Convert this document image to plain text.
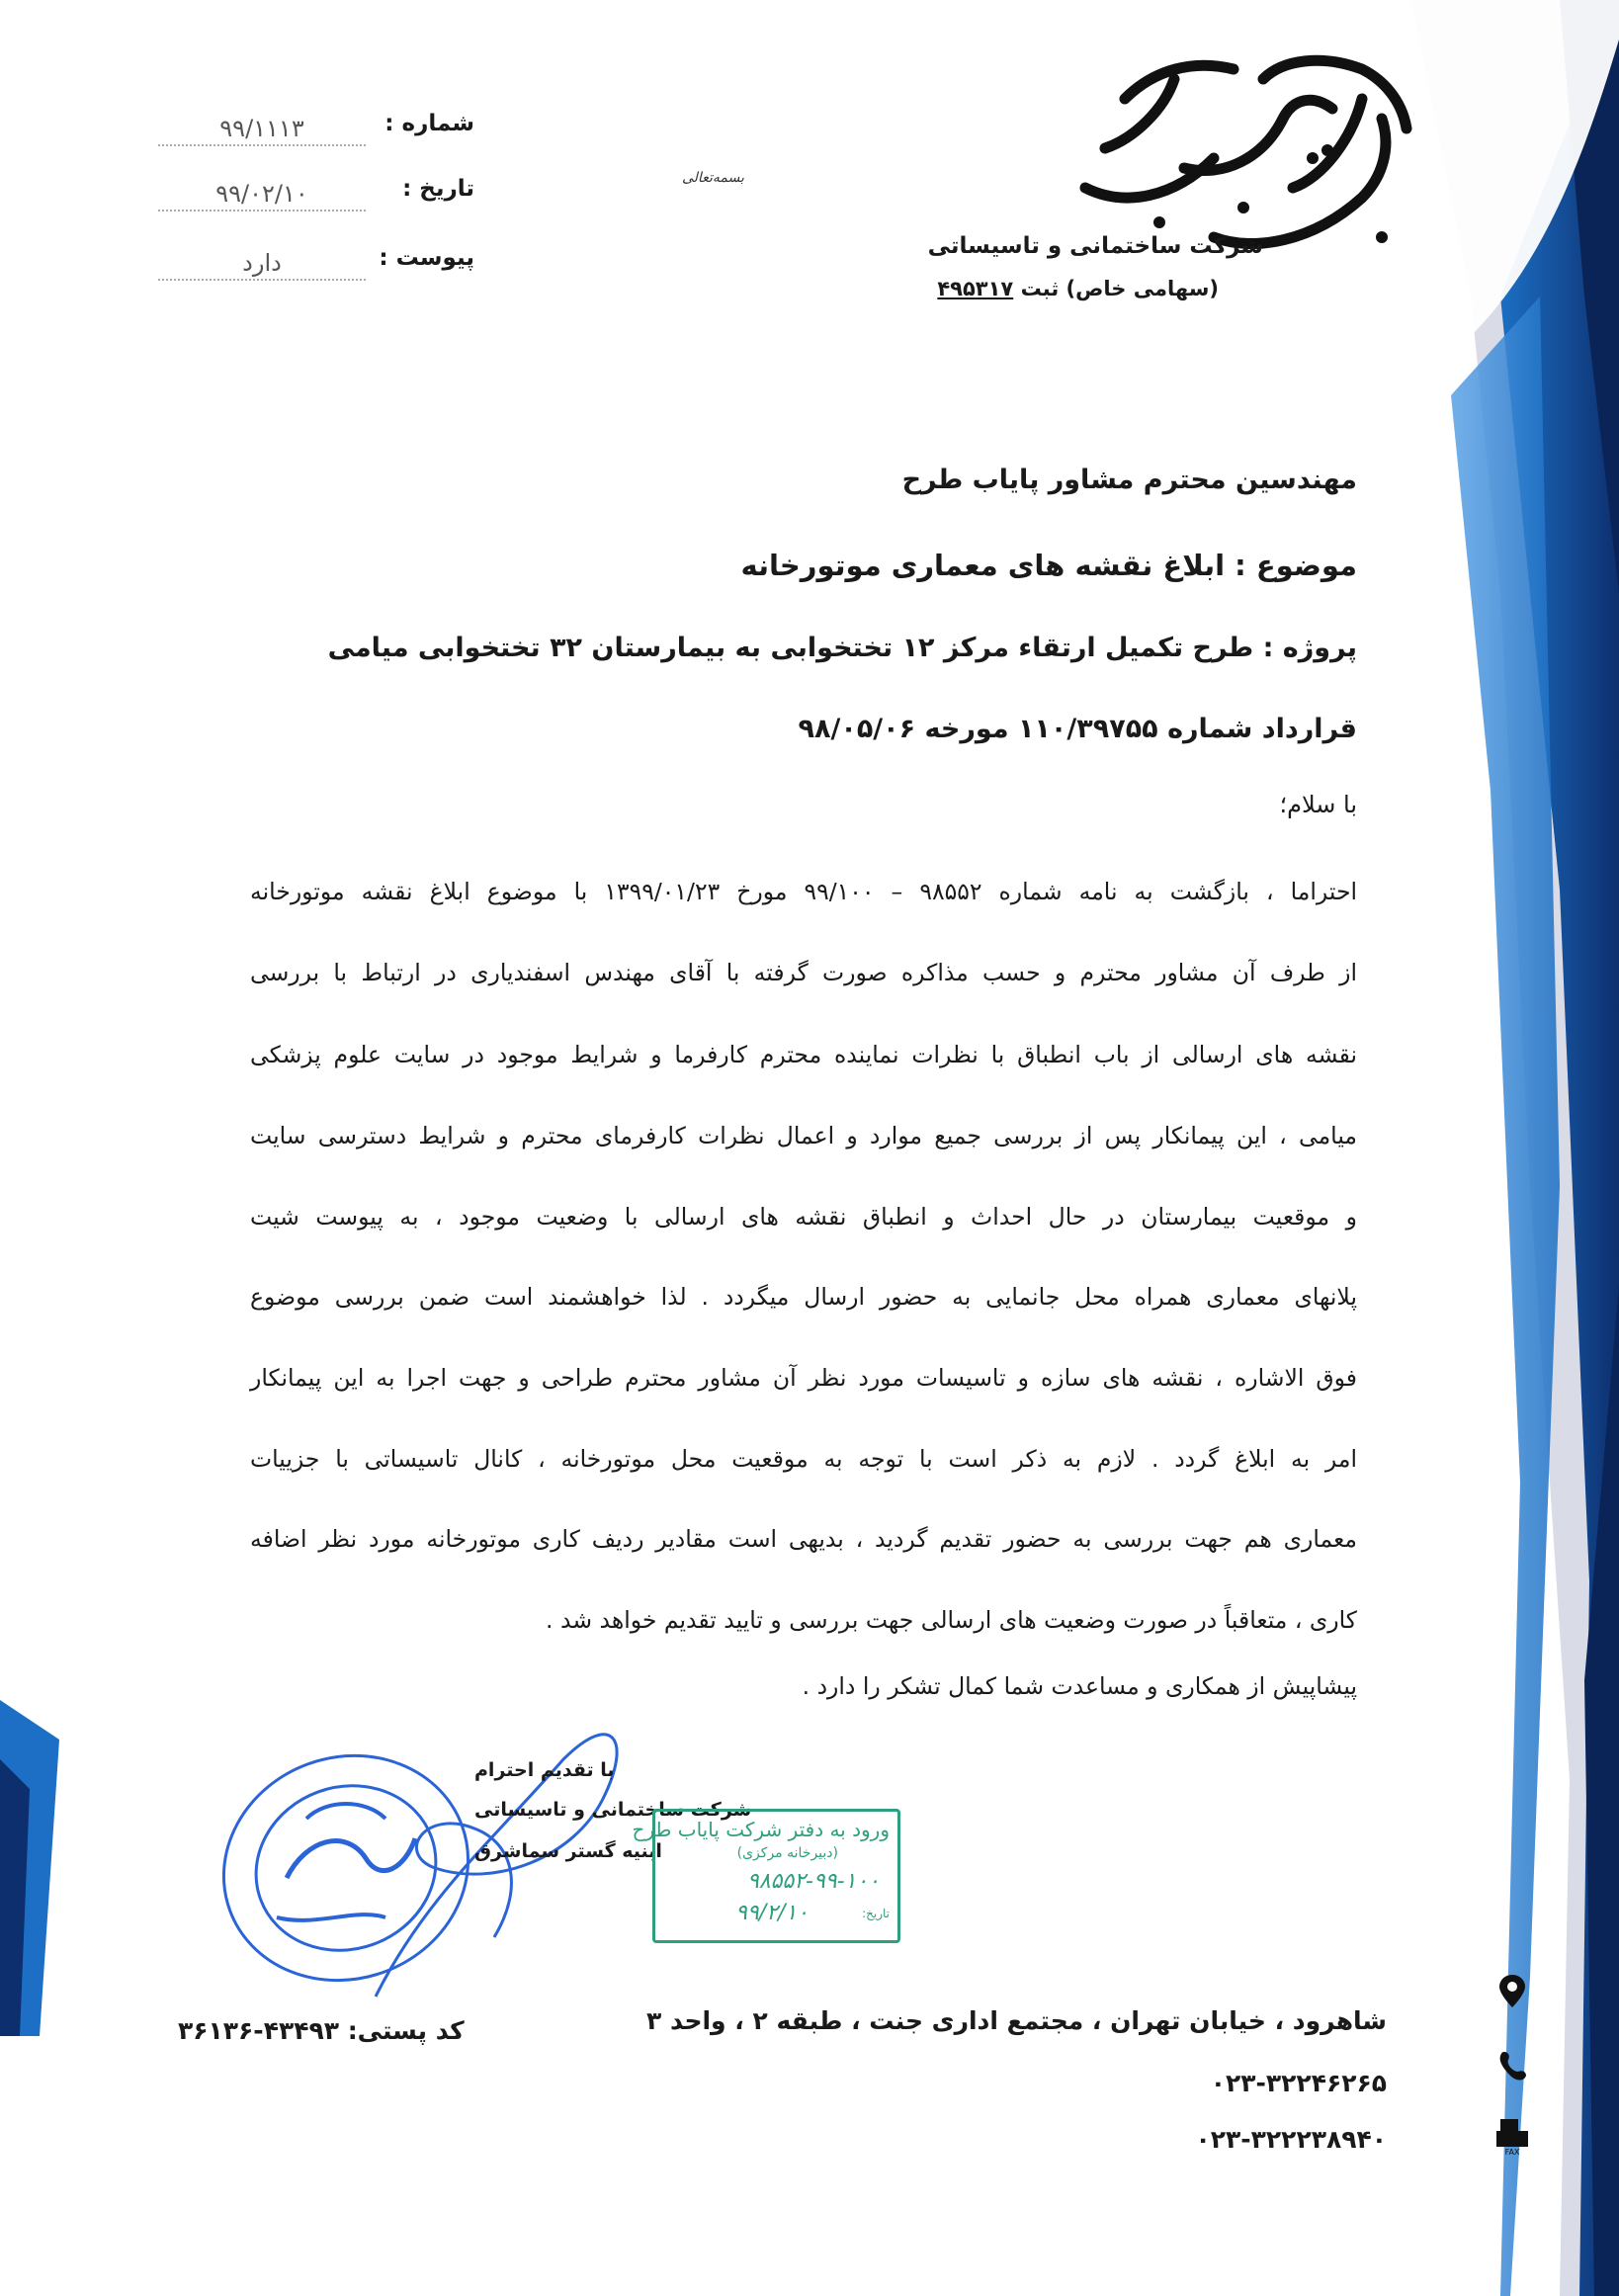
شرکت ساختمانی و تاسیساتی
(سهامی خاص) ثبت ۴۹۵۳۱۷
بسمه‌تعالی
شماره :
۹۹/۱۱۱۳
تاریخ :
۹۹/۰۲/۱۰
پیوست :
دارد
مهندسین محترم مشاور پایاب طرح
موضوع : ابلاغ نقشه های معماری موتورخانه
پروژه : طرح تکمیل ارتقاء مرکز ۱۲ تختخوابی به بیمارستان ۳۲ تختخوابی میامی
قرارداد شماره ۱۱۰/۳۹۷۵۵ مورخه ۹۸/۰۵/۰۶
با سلام؛
احتراما ، بازگشت به نامه شماره ۹۸۵۵۲ – ۹۹/۱۰۰ مورخ ۱۳۹۹/۰۱/۲۳ با موضوع ابلاغ نقشه موتورخانه
از طرف آن مشاور محترم و حسب مذاکره صورت گرفته با آقای مهندس اسفندیاری در ارتباط با بررسی
نقشه های ارسالی از باب انطباق با نظرات نماینده محترم کارفرما و شرایط موجود در سایت علوم پزشکی
میامی ، این پیمانکار پس از بررسی جمیع موارد و اعمال نظرات کارفرمای محترم و شرایط دسترسی سایت
و موقعیت بیمارستان در حال احداث و انطباق نقشه های ارسالی با وضعیت موجود ، به پیوست شیت
پلانهای معماری همراه محل جانمایی به حضور ارسال میگردد . لذا خواهشمند است ضمن بررسی موضوع
فوق الاشاره ، نقشه های سازه و تاسیسات مورد نظر آن مشاور محترم طراحی و جهت اجرا به این پیمانکار
امر به ابلاغ گردد . لازم به ذکر است با توجه به موقعیت محل موتورخانه ، کانال تاسیساتی با جزییات
معماری هم جهت بررسی به حضور تقدیم گردید ، بدیهی است مقادیر ردیف کاری موتورخانه مورد نظر اضافه
کاری ، متعاقباً در صورت وضعیت های ارسالی جهت بررسی و تایید تقدیم خواهد شد .
پیشاپیش از همکاری و مساعدت شما کمال تشکر را دارد .
با تقدیم احترام
شرکت ساختمانی و تاسیساتی
ابنیه گستر سماشرق
ورود به دفتر شرکت پایاب طرح
(دبیرخانه مرکزی)
۹۸۵۵۲-۹۹-۱۰۰
تاریخ:
۹۹/۲/۱۰
کد پستی: ۴۳۴۹۳-۳۶۱۳۶	شاهرود ، خیابان تهران ، مجتمع اداری جنت ، طبقه ۲ ، واحد ۳
۰۲۳-۳۲۲۴۶۲۶۵
۰۲۳-۳۲۲۲۳۸۹۴۰	FAX
